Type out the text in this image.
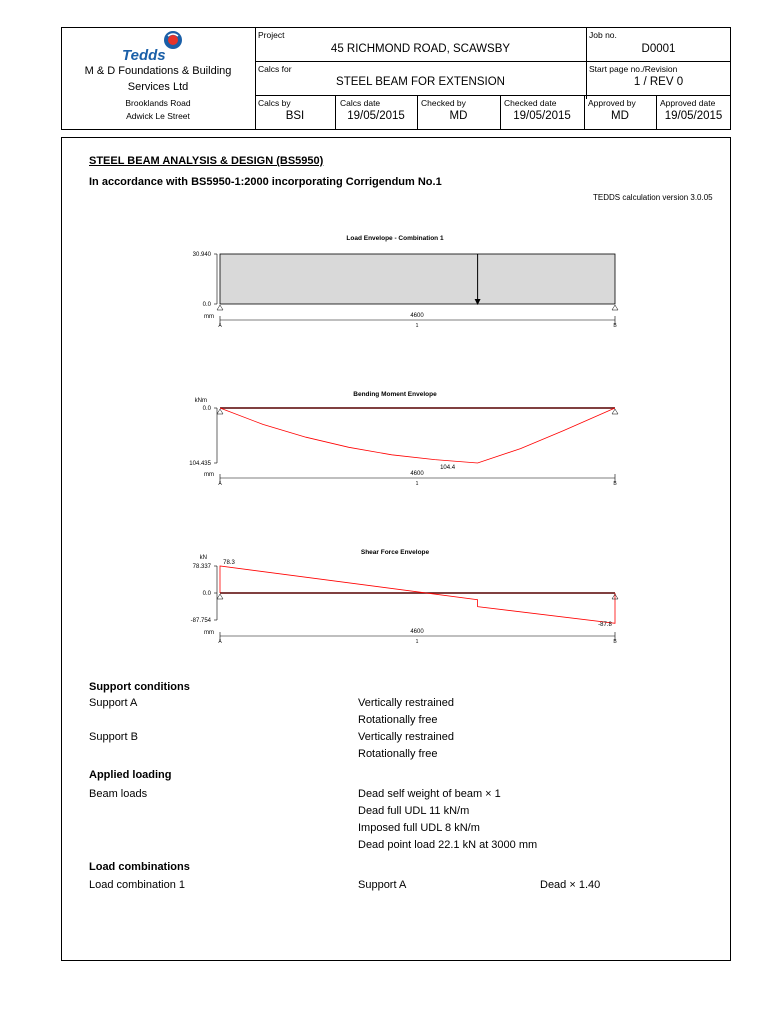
Tedds
M & D Foundations & Building
Services Ltd
Brooklands Road
Adwick Le Street
Project
45 RICHMOND ROAD, SCAWSBY
Job no.
D0001
Calcs for
STEEL BEAM FOR EXTENSION
Start page no./Revision
1 / REV 0
Calcs by
BSI
Calcs date
19/05/2015
Checked by
MD
Checked date
19/05/2015
Approved by
MD
Approved date
19/05/2015
STEEL BEAM ANALYSIS & DESIGN (BS5950)
In accordance with BS5950-1:2000 incorporating Corrigendum No.1
TEDDS calculation version 3.0.05
Load Envelope - Combination 1
30.940
0.0
mm	4600
1
A	B
Bending Moment Envelope
kNm
0.0
104.435
104.4
mm	4600
1
A	B
Shear Force Envelope
kN
78.337
0.0
-87.754
78.3
-87.8
mm	4600
1
A	B
Support conditions
Support A	Vertically restrained
Rotationally free
Support B	Vertically restrained
Rotationally free
Applied loading
Beam loads	Dead self weight of beam × 1
Dead full UDL 11 kN/m
Imposed full UDL 8 kN/m
Dead point load 22.1 kN at 3000 mm
Load combinations
Load combination 1	Support A	Dead × 1.40
